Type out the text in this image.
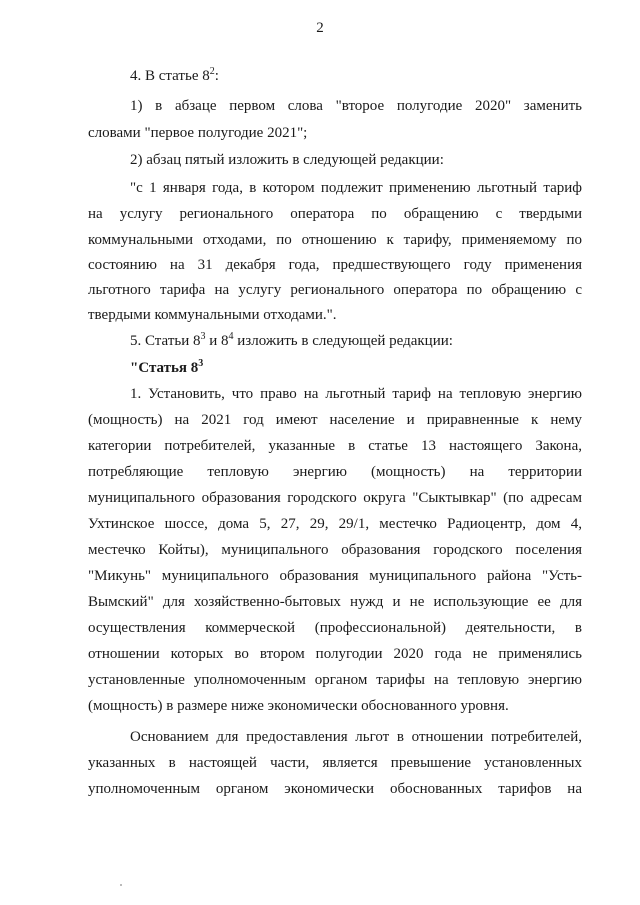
2
4. В статье $8^2$:
1) в абзаце первом слова "второе полугодие 2020" заменить
словами "первое полугодие 2021";
2) абзац пятый изложить в следующей редакции:
"с 1 января года, в котором подлежит применению льготный тариф
на услугу регионального оператора по обращению с твердыми
коммунальными отходами, по отношению к тарифу, применяемому по
состоянию на 31 декабря года, предшествующего году применения
льготного тарифа на услугу регионального оператора по обращению с
твердыми коммунальными отходами.".
5. Статьи $8^3$ и $8^4$ изложить в следующей редакции:
"Статья $8^3$
1. Установить, что право на льготный тариф на тепловую энергию
(мощность) на 2021 год имеют население и приравненные к нему
категории потребителей, указанные в статье 13 настоящего Закона,
потребляющие тепловую энергию (мощность) на территории
муниципального образования городского округа "Сыктывкар" (по адресам
Ухтинское шоссе, дома 5, 27, 29, 29/1, местечко Радиоцентр, дом 4,
местечко Койты), муниципального образования городского поселения
"Микунь" муниципального образования муниципального района "Усть-
Вымский" для хозяйственно-бытовых нужд и не использующие ее для
осуществления коммерческой (профессиональной) деятельности, в
отношении которых во втором полугодии 2020 года не применялись
установленные уполномоченным органом тарифы на тепловую энергию
(мощность) в размере ниже экономически обоснованного уровня.
Основанием для предоставления льгот в отношении потребителей,
указанных в настоящей части, является превышение установленных
уполномоченным органом экономически обоснованных тарифов на
